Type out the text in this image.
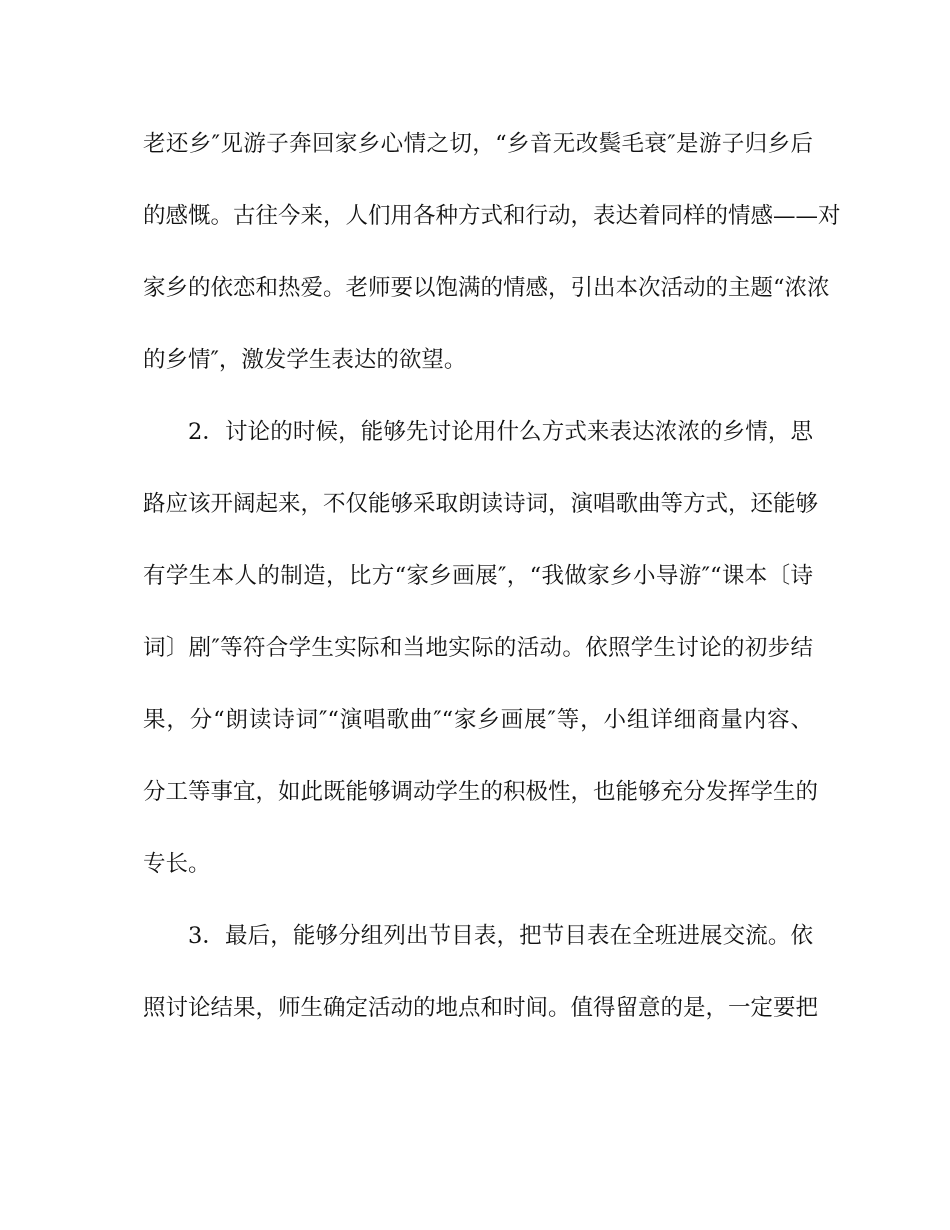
老还乡″见游子奔回家乡心情之切，“乡音无改鬓毛衰″是游子归乡后

的感慨。古往今来，人们用各种方式和行动，表达着同样的情感——对

家乡的依恋和热爱。老师要以饱满的情感，引出本次活动的主题“浓浓

的乡情″，激发学生表达的欲望。

2．讨论的时候，能够先讨论用什么方式来表达浓浓的乡情，思

路应该开阔起来，不仅能够采取朗读诗词，演唱歌曲等方式，还能够

有学生本人的制造，比方“家乡画展″，“我做家乡小导游″“课本〔诗

词〕剧″等符合学生实际和当地实际的活动。依照学生讨论的初步结

果，分“朗读诗词″“演唱歌曲″“家乡画展″等，小组详细商量内容、

分工等事宜，如此既能够调动学生的积极性，也能够充分发挥学生的

专长。

3．最后，能够分组列出节目表，把节目表在全班进展交流。依

照讨论结果，师生确定活动的地点和时间。值得留意的是，一定要把
